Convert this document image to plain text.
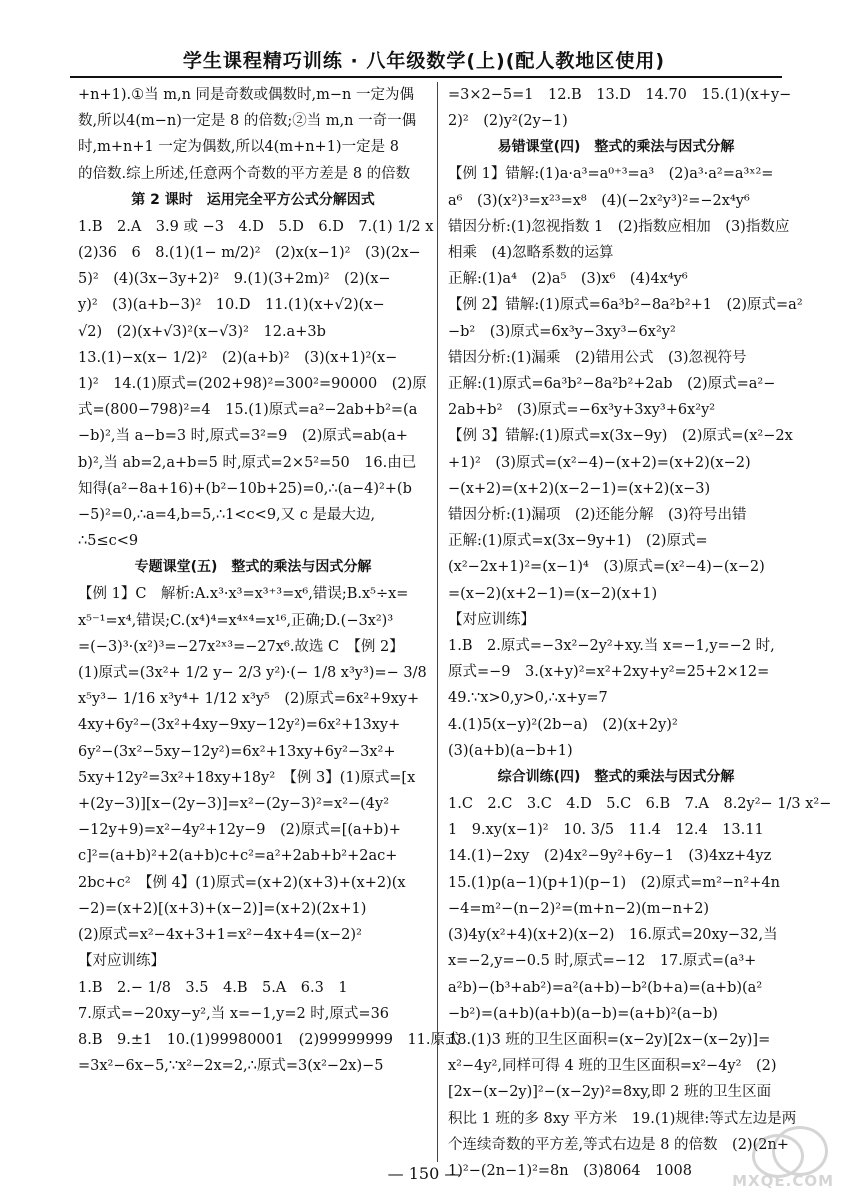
学生课程精巧训练 · 八年级数学(上)(配人教地区使用)
+n+1).①当 m,n 同是奇数或偶数时,m−n 一定为偶
数,所以4(m−n)一定是 8 的倍数;②当 m,n 一奇一偶
时,m+n+1 一定为偶数,所以4(m+n+1)一定是 8
的倍数.综上所述,任意两个奇数的平方差是 8 的倍数
第 2 课时　运用完全平方公式分解因式
1.B　2.A　3.9 或 −3　4.D　5.D　6.D　7.(1) 1/2 x
(2)36　6　8.(1)(1− m/2)²　(2)x(x−1)²　(3)(2x−
5)²　(4)(3x−3y+2)²　9.(1)(3+2m)²　(2)(x−
y)²　(3)(a+b−3)²　10.D　11.(1)(x+√2)(x−
√2)　(2)(x+√3)²(x−√3)²　12.a+3b
13.(1)−x(x− 1/2)²　(2)(a+b)²　(3)(x+1)²(x−
1)²　14.(1)原式=(202+98)²=300²=90000　(2)原
式=(800−798)²=4　15.(1)原式=a²−2ab+b²=(a
−b)²,当 a−b=3 时,原式=3²=9　(2)原式=ab(a+
b)²,当 ab=2,a+b=5 时,原式=2×5²=50　16.由已
知得(a²−8a+16)+(b²−10b+25)=0,∴(a−4)²+(b
−5)²=0,∴a=4,b=5,∴1<c<9,又 c 是最大边,
∴5≤c<9
专题课堂(五)　整式的乘法与因式分解
【例 1】C　解析:A.x³·x³=x³⁺³=x⁶,错误;B.x⁵÷x=
x⁵⁻¹=x⁴,错误;C.(x⁴)⁴=x⁴ˣ⁴=x¹⁶,正确;D.(−3x²)³
=(−3)³·(x²)³=−27x²ˣ³=−27x⁶.故选 C　【例 2】
(1)原式=(3x²+ 1/2 y− 2/3 y²)·(− 1/8 x³y³)=− 3/8
x⁵y³− 1/16 x³y⁴+ 1/12 x³y⁵　(2)原式=6x²+9xy+
4xy+6y²−(3x²+4xy−9xy−12y²)=6x²+13xy+
6y²−(3x²−5xy−12y²)=6x²+13xy+6y²−3x²+
5xy+12y²=3x²+18xy+18y²　【例 3】(1)原式=[x
+(2y−3)][x−(2y−3)]=x²−(2y−3)²=x²−(4y²
−12y+9)=x²−4y²+12y−9　(2)原式=[(a+b)+
c]²=(a+b)²+2(a+b)c+c²=a²+2ab+b²+2ac+
2bc+c²　【例 4】(1)原式=(x+2)(x+3)+(x+2)(x
−2)=(x+2)[(x+3)+(x−2)]=(x+2)(2x+1)
(2)原式=x²−4x+3+1=x²−4x+4=(x−2)²
【对应训练】
1.B　2.− 1/8　3.5　4.B　5.A　6.3　1
7.原式=−20xy−y²,当 x=−1,y=2 时,原式=36
8.B　9.±1　10.(1)99980001　(2)99999999　11.原式
=3x²−6x−5,∵x²−2x=2,∴原式=3(x²−2x)−5
=3×2−5=1　12.B　13.D　14.70　15.(1)(x+y−
2)²　(2)y²(2y−1)
易错课堂(四)　整式的乘法与因式分解
【例 1】错解:(1)a·a³=a⁰⁺³=a³　(2)a³·a²=a³ˣ²=
a⁶　(3)(x²)³=x²³=x⁸　(4)(−2x²y³)²=−2x⁴y⁶
错因分析:(1)忽视指数 1　(2)指数应相加　(3)指数应
相乘　(4)忽略系数的运算
正解:(1)a⁴　(2)a⁵　(3)x⁶　(4)4x⁴y⁶
【例 2】错解:(1)原式=6a³b²−8a²b²+1　(2)原式=a²
−b²　(3)原式=6x³y−3xy³−6x²y²
错因分析:(1)漏乘　(2)错用公式　(3)忽视符号
正解:(1)原式=6a³b²−8a²b²+2ab　(2)原式=a²−
2ab+b²　(3)原式=−6x³y+3xy³+6x²y²
【例 3】错解:(1)原式=x(3x−9y)　(2)原式=(x²−2x
+1)²　(3)原式=(x²−4)−(x+2)=(x+2)(x−2)
−(x+2)=(x+2)(x−2−1)=(x+2)(x−3)
错因分析:(1)漏项　(2)还能分解　(3)符号出错
正解:(1)原式=x(3x−9y+1)　(2)原式=
(x²−2x+1)²=(x−1)⁴　(3)原式=(x²−4)−(x−2)
=(x−2)(x+2−1)=(x−2)(x+1)
【对应训练】
1.B　2.原式=−3x²−2y²+xy.当 x=−1,y=−2 时,
原式=−9　3.(x+y)²=x²+2xy+y²=25+2×12=
49.∵x>0,y>0,∴x+y=7
4.(1)5(x−y)²(2b−a)　(2)(x+2y)²
(3)(a+b)(a−b+1)
综合训练(四)　整式的乘法与因式分解
1.C　2.C　3.C　4.D　5.C　6.B　7.A　8.2y²− 1/3 x²−
1　9.xy(x−1)²　10. 3/5　11.4　12.4　13.11
14.(1)−2xy　(2)4x²−9y²+6y−1　(3)4xz+4yz
15.(1)p(a−1)(p+1)(p−1)　(2)原式=m²−n²+4n
−4=m²−(n−2)²=(m+n−2)(m−n+2)
(3)4y(x²+4)(x+2)(x−2)　16.原式=20xy−32,当
x=−2,y=−0.5 时,原式=−12　17.原式=(a³+
a²b)−(b³+ab²)=a²(a+b)−b²(b+a)=(a+b)(a²
−b²)=(a+b)(a+b)(a−b)=(a+b)²(a−b)
18.(1)3 班的卫生区面积=(x−2y)[2x−(x−2y)]=
x²−4y²,同样可得 4 班的卫生区面积=x²−4y²　(2)
[2x−(x−2y)]²−(x−2y)²=8xy,即 2 班的卫生区面
积比 1 班的多 8xy 平方米　19.(1)规律:等式左边是两
个连续奇数的平方差,等式右边是 8 的倍数　(2)(2n+
1)²−(2n−1)²=8n　(3)8064　1008
— 150 —	MXQE.COM
